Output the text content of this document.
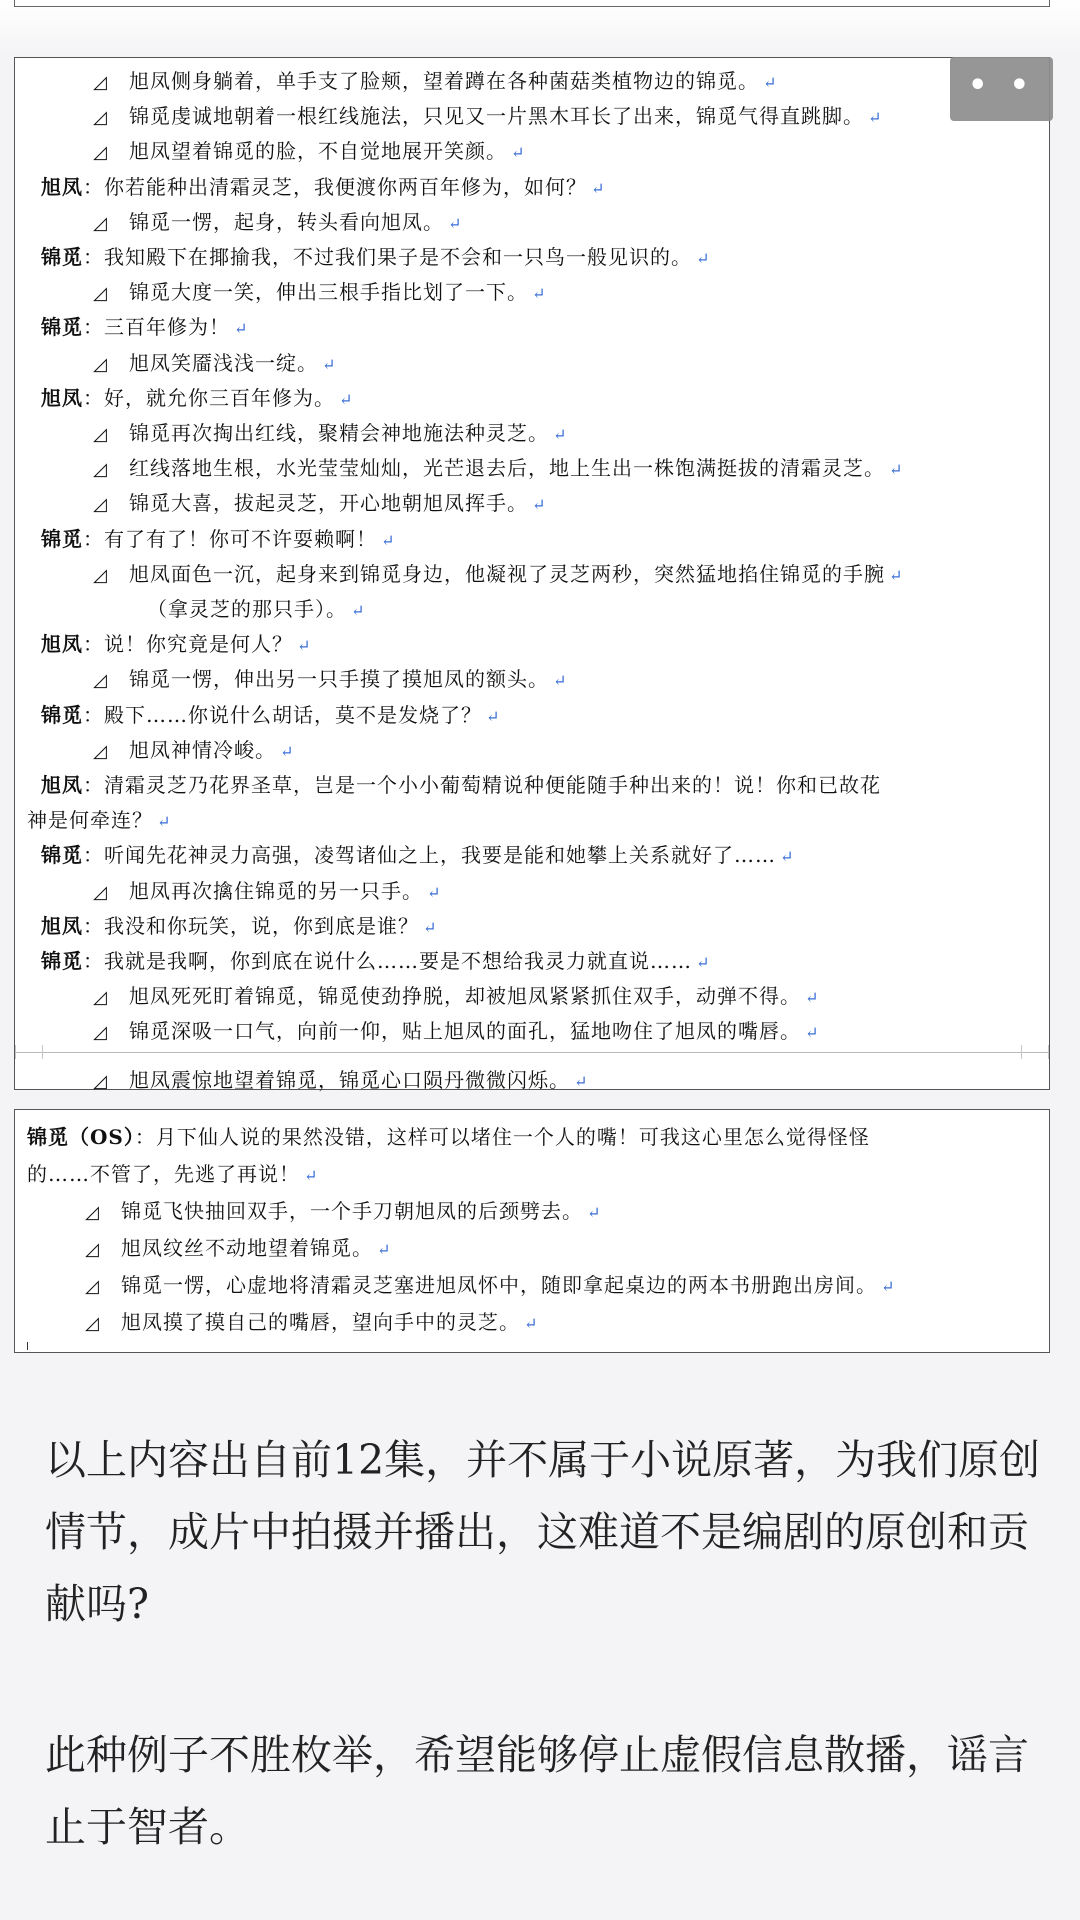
◿ 旭凤侧身躺着，单手支了脸颊，望着蹲在各种菌菇类植物边的锦觅。 ↵
◿ 锦觅虔诚地朝着一根红线施法，只见又一片黑木耳长了出来，锦觅气得直跳脚。 ↵
◿ 旭凤望着锦觅的脸，不自觉地展开笑颜。 ↵
旭凤：你若能种出清霜灵芝，我便渡你两百年修为，如何？ ↵
◿ 锦觅一愣，起身，转头看向旭凤。 ↵
锦觅：我知殿下在揶揄我，不过我们果子是不会和一只鸟一般见识的。 ↵
◿ 锦觅大度一笑，伸出三根手指比划了一下。 ↵
锦觅：三百年修为！ ↵
◿ 旭凤笑靥浅浅一绽。 ↵
旭凤：好，就允你三百年修为。 ↵
◿ 锦觅再次掏出红线，聚精会神地施法种灵芝。 ↵
◿ 红线落地生根，水光莹莹灿灿，光芒退去后，地上生出一株饱满挺拔的清霜灵芝。 ↵
◿ 锦觅大喜，拔起灵芝，开心地朝旭凤挥手。 ↵
锦觅：有了有了！你可不许耍赖啊！ ↵
◿ 旭凤面色一沉，起身来到锦觅身边，他凝视了灵芝两秒，突然猛地掐住锦觅的手腕 ↵
（拿灵芝的那只手）。 ↵
旭凤：说！你究竟是何人？ ↵
◿ 锦觅一愣，伸出另一只手摸了摸旭凤的额头。 ↵
锦觅：殿下……你说什么胡话，莫不是发烧了？ ↵
◿ 旭凤神情冷峻。 ↵
旭凤：清霜灵芝乃花界圣草，岂是一个小小葡萄精说种便能随手种出来的！说！你和已故花
神是何牵连？ ↵
锦觅：听闻先花神灵力高强，凌驾诸仙之上，我要是能和她攀上关系就好了…… ↵
◿ 旭凤再次擒住锦觅的另一只手。 ↵
旭凤：我没和你玩笑，说，你到底是谁？ ↵
锦觅：我就是我啊，你到底在说什么……要是不想给我灵力就直说…… ↵
◿ 旭凤死死盯着锦觅，锦觅使劲挣脱，却被旭凤紧紧抓住双手，动弹不得。 ↵
◿ 锦觅深吸一口气，向前一仰，贴上旭凤的面孔，猛地吻住了旭凤的嘴唇。 ↵
◿ 旭凤震惊地望着锦觅，锦觅心口陨丹微微闪烁。 ↵
锦觅（OS）：月下仙人说的果然没错，这样可以堵住一个人的嘴！可我这心里怎么觉得怪怪
的……不管了，先逃了再说！ ↵
◿ 锦觅飞快抽回双手，一个手刀朝旭凤的后颈劈去。 ↵
◿ 旭凤纹丝不动地望着锦觅。 ↵
◿ 锦觅一愣，心虚地将清霜灵芝塞进旭凤怀中，随即拿起桌边的两本书册跑出房间。 ↵
◿ 旭凤摸了摸自己的嘴唇，望向手中的灵芝。 ↵
• • •
以上内容出自前12集，并不属于小说原著，为我们原创情节，成片中拍摄并播出，这难道不是编剧的原创和贡献吗?
此种例子不胜枚举，希望能够停止虚假信息散播，谣言止于智者。
